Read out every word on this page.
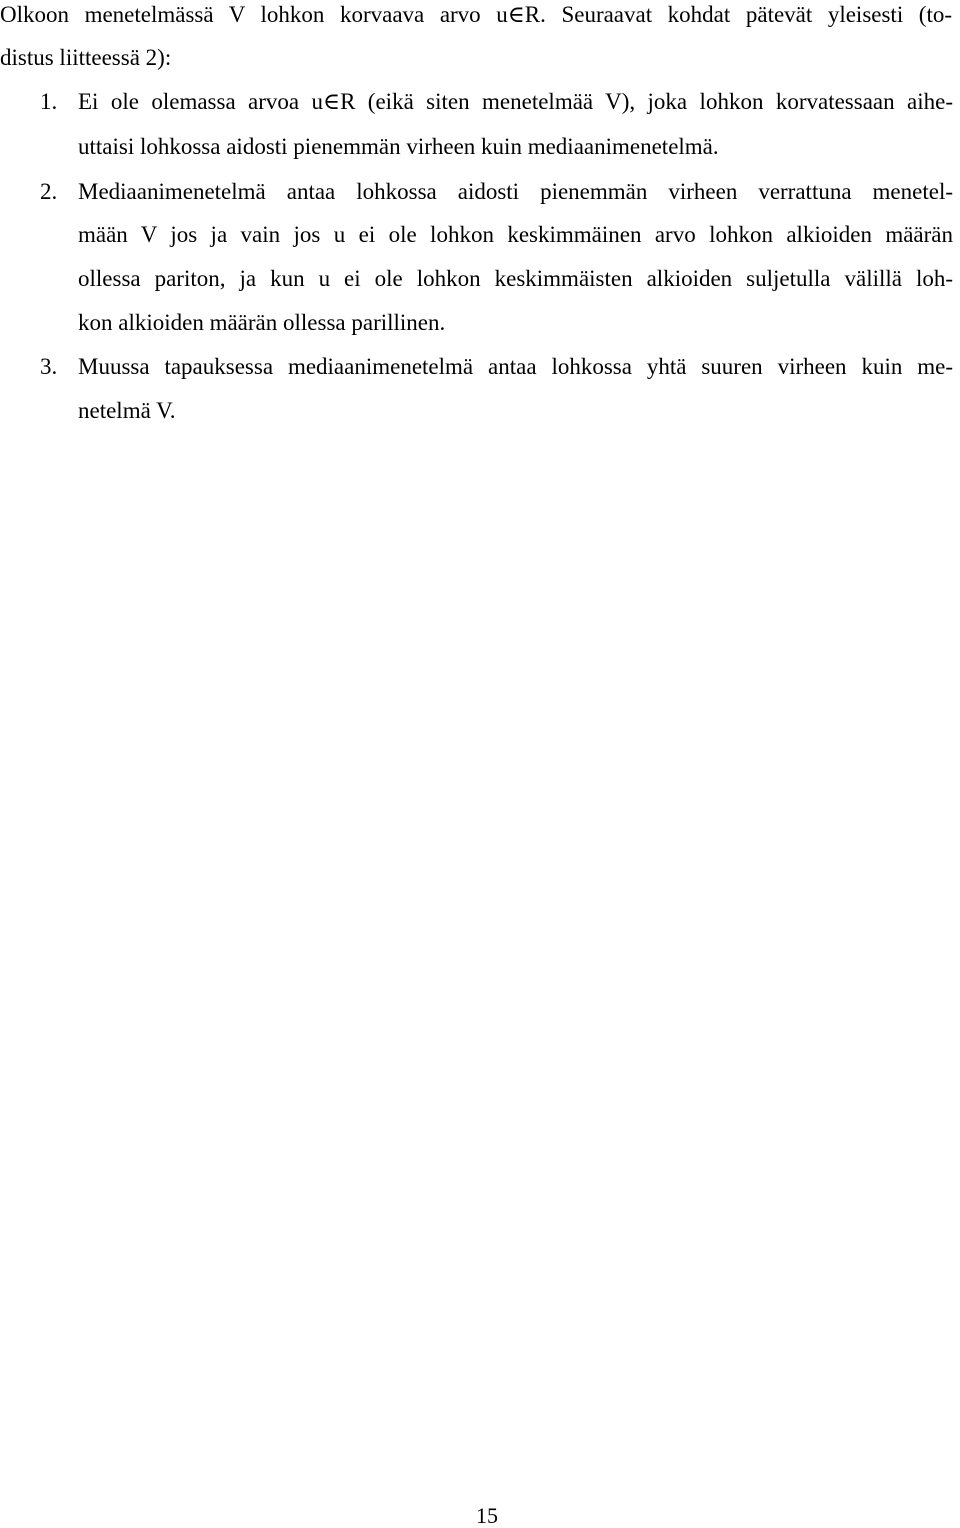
Olkoon menetelmässä V lohkon korvaava arvo u∈R. Seuraavat kohdat pätevät yleisesti (to-
distus liitteessä 2):
1. Ei ole olemassa arvoa u∈R (eikä siten menetelmää V), joka lohkon korvatessaan aihe-
uttaisi lohkossa aidosti pienemmän virheen kuin mediaanimenetelmä.
2. Mediaanimenetelmä antaa lohkossa aidosti pienemmän virheen verrattuna menetel-
mään V jos ja vain jos u ei ole lohkon keskimmäinen arvo lohkon alkioiden määrän
ollessa pariton, ja kun u ei ole lohkon keskimmäisten alkioiden suljetulla välillä loh-
kon alkioiden määrän ollessa parillinen.
3. Muussa tapauksessa mediaanimenetelmä antaa lohkossa yhtä suuren virheen kuin me-
netelmä V.
15
